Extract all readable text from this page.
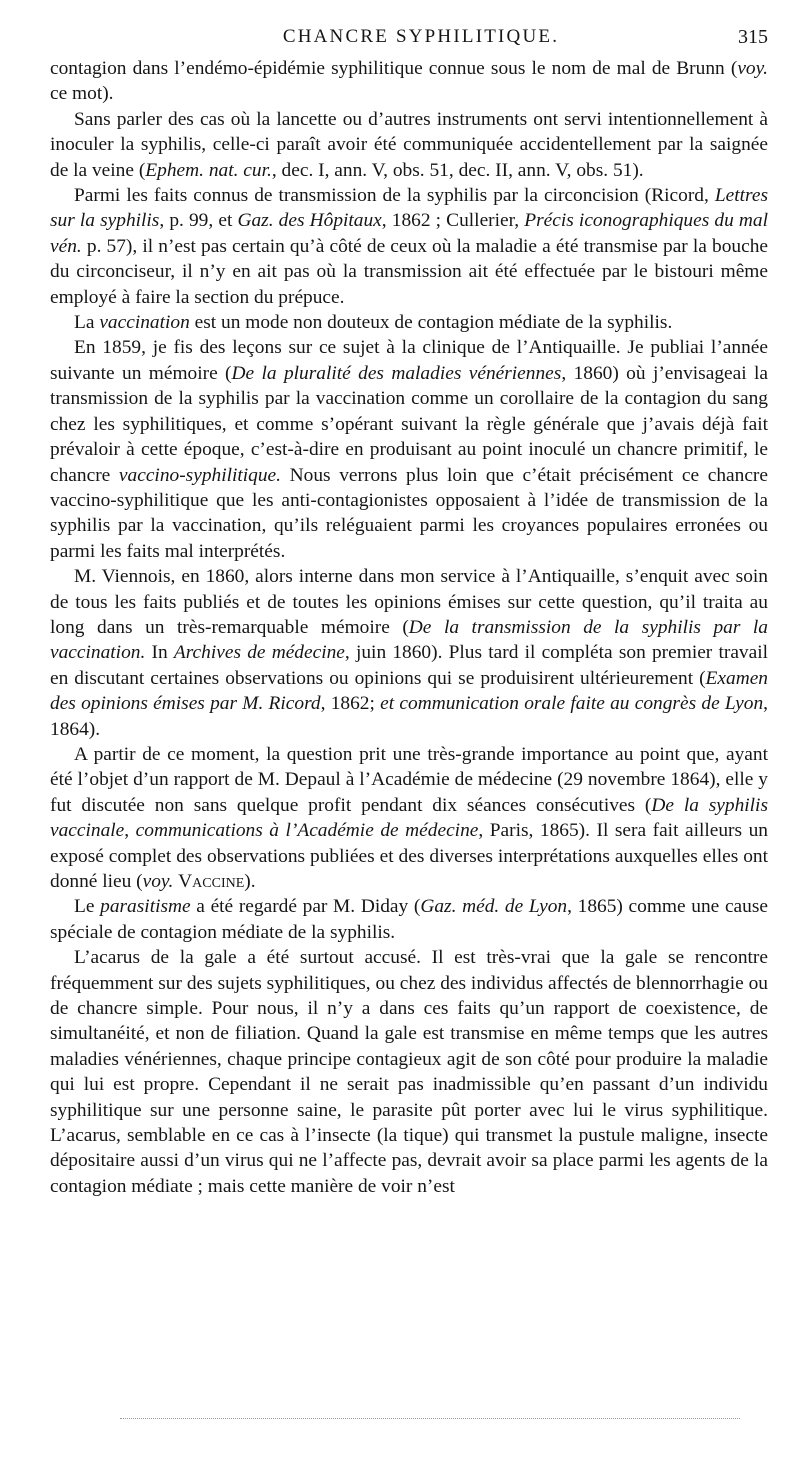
CHANCRE SYPHILITIQUE.	315

contagion dans l’endémo-épidémie syphilitique connue sous le nom de mal de Brunn (voy. ce mot).

Sans parler des cas où la lancette ou d’autres instruments ont servi intentionnellement à inoculer la syphilis, celle-ci paraît avoir été communiquée accidentellement par la saignée de la veine (Ephem. nat. cur., dec. I, ann. V, obs. 51, dec. II, ann. V, obs. 51).

Parmi les faits connus de transmission de la syphilis par la circoncision (Ricord, Lettres sur la syphilis, p. 99, et Gaz. des Hôpitaux, 1862 ; Cullerier, Précis iconographiques du mal vén. p. 57), il n’est pas certain qu’à côté de ceux où la maladie a été transmise par la bouche du circonciseur, il n’y en ait pas où la transmission ait été effectuée par le bistouri même employé à faire la section du prépuce.

La vaccination est un mode non douteux de contagion médiate de la syphilis.

En 1859, je fis des leçons sur ce sujet à la clinique de l’Antiquaille. Je publiai l’année suivante un mémoire (De la pluralité des maladies vénériennes, 1860) où j’envisageai la transmission de la syphilis par la vaccination comme un corollaire de la contagion du sang chez les syphilitiques, et comme s’opérant suivant la règle générale que j’avais déjà fait prévaloir à cette époque, c’est-à-dire en produisant au point inoculé un chancre primitif, le chancre vaccino-syphilitique. Nous verrons plus loin que c’était précisément ce chancre vaccino-syphilitique que les anti-contagionistes opposaient à l’idée de transmission de la syphilis par la vaccination, qu’ils reléguaient parmi les croyances populaires erronées ou parmi les faits mal interprétés.

M. Viennois, en 1860, alors interne dans mon service à l’Antiquaille, s’enquit avec soin de tous les faits publiés et de toutes les opinions émises sur cette question, qu’il traita au long dans un très-remarquable mémoire (De la transmission de la syphilis par la vaccination. In Archives de médecine, juin 1860). Plus tard il compléta son premier travail en discutant certaines observations ou opinions qui se produisirent ultérieurement (Examen des opinions émises par M. Ricord, 1862; et communication orale faite au congrès de Lyon, 1864).

A partir de ce moment, la question prit une très-grande importance au point que, ayant été l’objet d’un rapport de M. Depaul à l’Académie de médecine (29 novembre 1864), elle y fut discutée non sans quelque profit pendant dix séances consécutives (De la syphilis vaccinale, communications à l’Académie de médecine, Paris, 1865). Il sera fait ailleurs un exposé complet des observations publiées et des diverses interprétations auxquelles elles ont donné lieu (voy. Vaccine).

Le parasitisme a été regardé par M. Diday (Gaz. méd. de Lyon, 1865) comme une cause spéciale de contagion médiate de la syphilis.

L’acarus de la gale a été surtout accusé. Il est très-vrai que la gale se rencontre fréquemment sur des sujets syphilitiques, ou chez des individus affectés de blennorrhagie ou de chancre simple. Pour nous, il n’y a dans ces faits qu’un rapport de coexistence, de simultanéité, et non de filiation. Quand la gale est transmise en même temps que les autres maladies vénériennes, chaque principe contagieux agit de son côté pour produire la maladie qui lui est propre. Cependant il ne serait pas inadmissible qu’en passant d’un individu syphilitique sur une personne saine, le parasite pût porter avec lui le virus syphilitique. L’acarus, semblable en ce cas à l’insecte (la tique) qui transmet la pustule maligne, insecte dépositaire aussi d’un virus qui ne l’affecte pas, devrait avoir sa place parmi les agents de la contagion médiate ; mais cette manière de voir n’est
